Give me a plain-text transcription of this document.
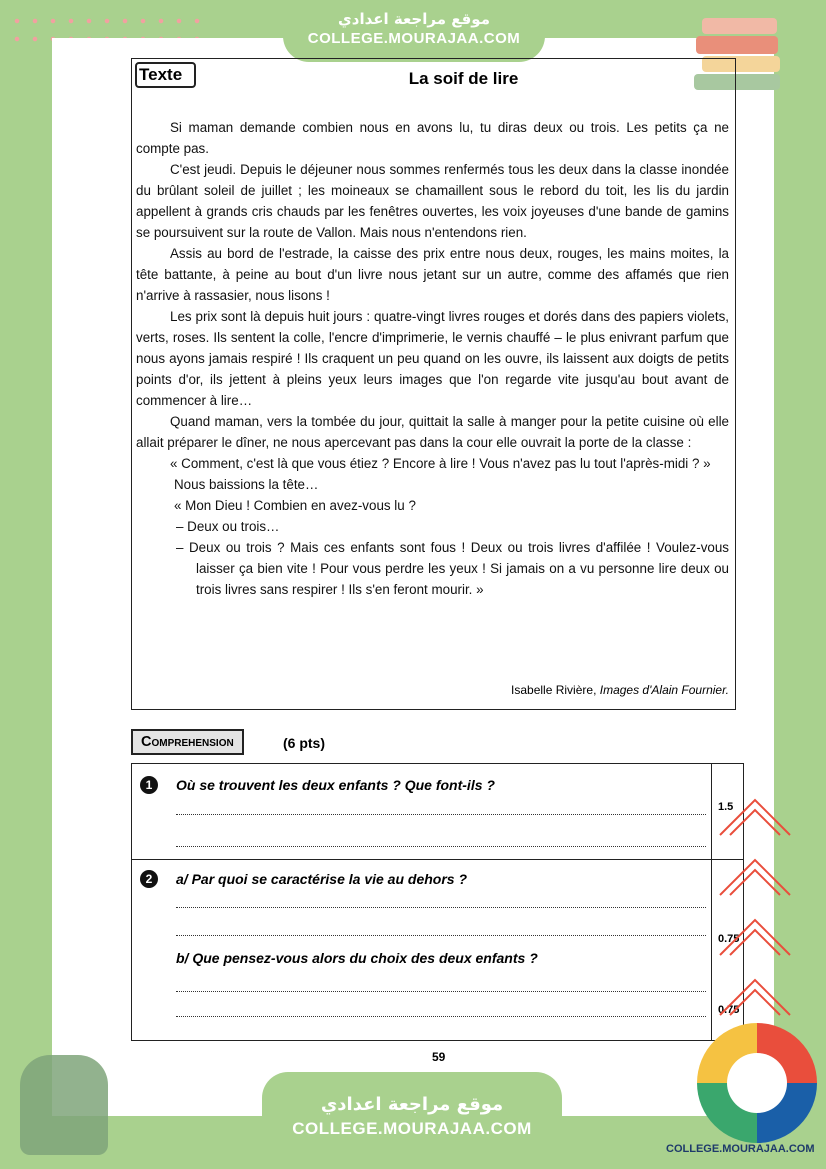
موقع مراجعة اعدادي
COLLEGE.MOURAJAA.COM
Texte	La soif de lire

Si maman demande combien nous en avons lu, tu diras deux ou trois. Les petits ça ne compte pas.

C'est jeudi. Depuis le déjeuner nous sommes renfermés tous les deux dans la classe inondée du brûlant soleil de juillet ; les moineaux se chamaillent sous le rebord du toit, les lis du jardin appellent à grands cris chauds par les fenêtres ouvertes, les voix joyeuses d'une bande de gamins se poursuivent sur la route de Vallon. Mais nous n'entendons rien.

Assis au bord de l'estrade, la caisse des prix entre nous deux, rouges, les mains moites, la tête battante, à peine au bout d'un livre nous jetant sur un autre, comme des affamés que rien n'arrive à rassasier, nous lisons !

Les prix sont là depuis huit jours : quatre-vingt livres rouges et dorés dans des papiers violets, verts, roses. Ils sentent la colle, l'encre d'imprimerie, le vernis chauffé – le plus enivrant parfum que nous ayons jamais respiré ! Ils craquent un peu quand on les ouvre, ils laissent aux doigts de petits points d'or, ils jettent à pleins yeux leurs images que l'on regarde vite jusqu'au bout avant de commencer à lire…

Quand maman, vers la tombée du jour, quittait la salle à manger pour la petite cuisine où elle allait préparer le dîner, ne nous apercevant pas dans la cour elle ouvrait la porte de la classe :

« Comment, c'est là que vous étiez ? Encore à lire ! Vous n'avez pas lu tout l'après-midi ? »

Nous baissions la tête…

« Mon Dieu ! Combien en avez-vous lu ?

– Deux ou trois…

– Deux ou trois ? Mais ces enfants sont fous ! Deux ou trois livres d'affilée ! Voulez-vous laisser ça bien vite ! Pour vous perdre les yeux ! Si jamais on a vu personne lire deux ou trois livres sans respirer ! Ils s'en feront mourir. »

Isabelle Rivière, Images d'Alain Fournier.
Comprehension	(6 pts)
1	Où se trouvent les deux enfants ? Que font-ils ?
1.5
2	a/ Par quoi se caractérise la vie au dehors ?
0.75
b/ Que pensez-vous alors du choix des deux enfants ?
0.75
59
موقع مراجعة اعدادي
COLLEGE.MOURAJAA.COM
COLLEGE.MOURAJAA.COM
